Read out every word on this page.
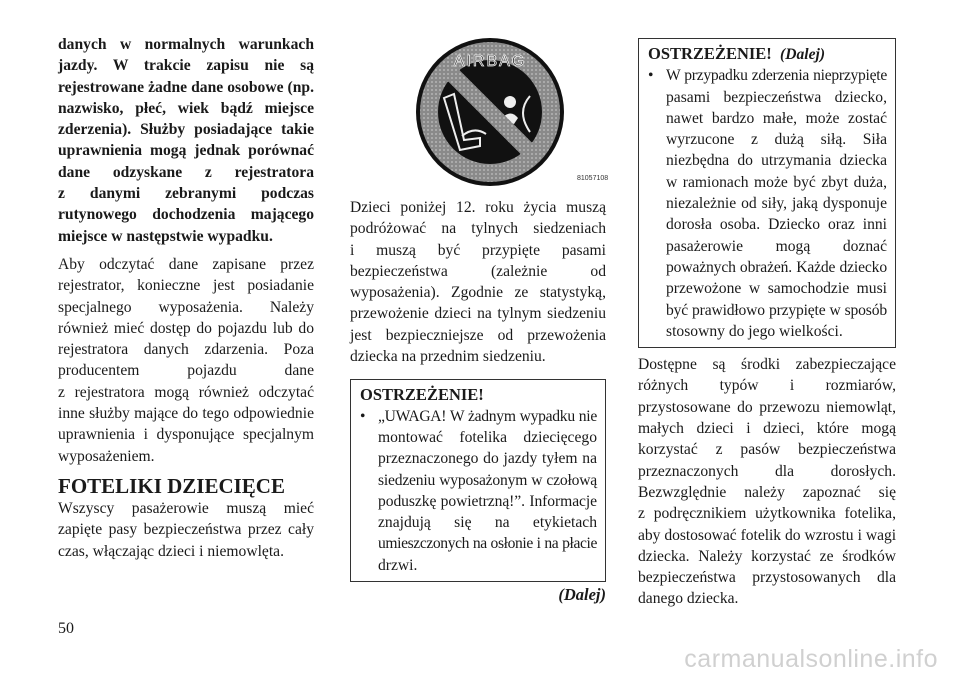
danych w normalnych warunkach
jazdy. W trakcie zapisu nie są
rejestrowane żadne dane osobowe (np.
nazwisko, płeć, wiek bądź miejsce
zderzenia). Służby posiadające takie
uprawnienia mogą jednak porównać
dane odzyskane z rejestratora
z danymi zebranymi podczas
rutynowego dochodzenia mającego
miejsce w następstwie wypadku.
Aby odczytać dane zapisane przez
rejestrator, konieczne jest posiadanie
specjalnego wyposażenia. Należy
również mieć dostęp do pojazdu lub do
rejestratora danych zdarzenia. Poza
producentem pojazdu dane
z rejestratora mogą również odczytać
inne służby mające do tego odpowiednie
uprawnienia i dysponujące specjalnym
wyposażeniem.
FOTELIKI DZIECIĘCE
Wszyscy pasażerowie muszą mieć
zapięte pasy bezpieczeństwa przez cały
czas, włączając dzieci i niemowlęta.
AIRBAG
81057108
Dzieci poniżej 12. roku życia muszą
podróżować na tylnych siedzeniach
i muszą być przypięte pasami
bezpieczeństwa (zależnie od
wyposażenia). Zgodnie ze statystyką,
przewożenie dzieci na tylnym siedzeniu
jest bezpieczniejsze od przewożenia
dziecka na przednim siedzeniu.
OSTRZEŻENIE!
• „UWAGA! W żadnym wypadku nie
montować fotelika dziecięcego
przeznaczonego do jazdy tyłem na
siedzeniu wyposażonym w czołową
poduszkę powietrzną!”. Informacje
znajdują się na etykietach
umieszczonych na osłonie i na płacie
drzwi.
(Dalej)
OSTRZEŻENIE! (Dalej)
• W przypadku zderzenia nieprzypięte
pasami bezpieczeństwa dziecko,
nawet bardzo małe, może zostać
wyrzucone z dużą siłą. Siła
niezbędna do utrzymania dziecka
w ramionach może być zbyt duża,
niezależnie od siły, jaką dysponuje
dorosła osoba. Dziecko oraz inni
pasażerowie mogą doznać
poważnych obrażeń. Każde dziecko
przewożone w samochodzie musi
być prawidłowo przypięte w sposób
stosowny do jego wielkości.
Dostępne są środki zabezpieczające
różnych typów i rozmiarów,
przystosowane do przewozu niemowląt,
małych dzieci i dzieci, które mogą
korzystać z pasów bezpieczeństwa
przeznaczonych dla dorosłych.
Bezwzględnie należy zapoznać się
z podręcznikiem użytkownika fotelika,
aby dostosować fotelik do wzrostu i wagi
dziecka. Należy korzystać ze środków
bezpieczeństwa przystosowanych dla
danego dziecka.
50
carmanualsonline.info
